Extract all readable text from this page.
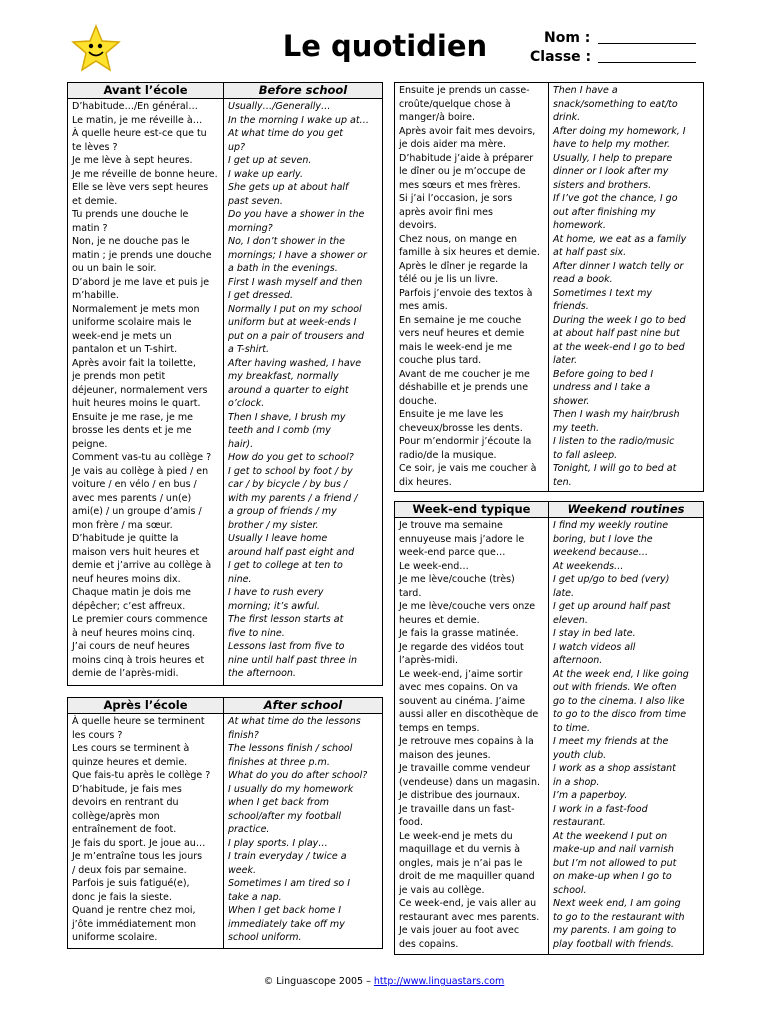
Le quotidien	Nom :
Classe :
Avant l’école
D’habitude…/En général…
Le matin, je me réveille à…
À quelle heure est-ce que tu
te lèves ?
Je me lève à sept heures.
Je me réveille de bonne heure.
Elle se lève vers sept heures
et demie.
Tu prends une douche le
matin ?
Non, je ne douche pas le
matin ; je prends une douche
ou un bain le soir.
D’abord je me lave et puis je
m’habille.
Normalement je mets mon
uniforme scolaire mais le
week-end je mets un
pantalon et un T-shirt.
Après avoir fait la toilette,
je prends mon petit
déjeuner, normalement vers
huit heures moins le quart.
Ensuite je me rase, je me
brosse les dents et je me
peigne.
Comment vas-tu au collège ?
Je vais au collège à pied / en
voiture / en vélo / en bus /
avec mes parents / un(e)
ami(e) / un groupe d’amis /
mon frère / ma sœur.
D’habitude je quitte la
maison vers huit heures et
demie et j’arrive au collège à
neuf heures moins dix.
Chaque matin je dois me
dépêcher; c’est affreux.
Le premier cours commence
à neuf heures moins cinq.
J’ai cours de neuf heures
moins cinq à trois heures et
demie de l’après-midi.
Before school
Usually…/Generally…
In the morning I wake up at…
At what time do you get
up?
I get up at seven.
I wake up early.
She gets up at about half
past seven.
Do you have a shower in the
morning?
No, I don’t shower in the
mornings; I have a shower or
a bath in the evenings.
First I wash myself and then
I get dressed.
Normally I put on my school
uniform but at week-ends I
put on a pair of trousers and
a T-shirt.
After having washed, I have
my breakfast, normally
around a quarter to eight
o’clock.
Then I shave, I brush my
teeth and I comb (my
hair).
How do you get to school?
I get to school by foot / by
car / by bicycle / by bus /
with my parents / a friend /
a group of friends / my
brother / my sister.
Usually I leave home
around half past eight and
I get to college at ten to
nine.
I have to rush every
morning; it’s awful.
The first lesson starts at
five to nine.
Lessons last from five to
nine until half past three in
the afternoon.
Après l’école
À quelle heure se terminent
les cours ?
Les cours se terminent à
quinze heures et demie.
Que fais-tu après le collège ?
D’habitude, je fais mes
devoirs en rentrant du
collège/après mon
entraînement de foot.
Je fais du sport. Je joue au…
Je m’entraîne tous les jours
/ deux fois par semaine.
Parfois je suis fatigué(e),
donc je fais la sieste.
Quand je rentre chez moi,
j’ôte immédiatement mon
uniforme scolaire.
After school
At what time do the lessons
finish?
The lessons finish / school
finishes at three p.m.
What do you do after school?
I usually do my homework
when I get back from
school/after my football
practice.
I play sports. I play…
I train everyday / twice a
week.
Sometimes I am tired so I
take a nap.
When I get back home I
immediately take off my
school uniform.
Ensuite je prends un casse-
croûte/quelque chose à
manger/à boire.
Après avoir fait mes devoirs,
je dois aider ma mère.
D’habitude j’aide à préparer
le dîner ou je m’occupe de
mes sœurs et mes frères.
Si j’ai l’occasion, je sors
après avoir fini mes
devoirs.
Chez nous, on mange en
famille à six heures et demie.
Après le dîner je regarde la
télé ou je lis un livre.
Parfois j’envoie des textos à
mes amis.
En semaine je me couche
vers neuf heures et demie
mais le week-end je me
couche plus tard.
Avant de me coucher je me
déshabille et je prends une
douche.
Ensuite je me lave les
cheveux/brosse les dents.
Pour m’endormir j’écoute la
radio/de la musique.
Ce soir, je vais me coucher à
dix heures.
Then I have a
snack/something to eat/to
drink.
After doing my homework, I
have to help my mother.
Usually, I help to prepare
dinner or I look after my
sisters and brothers.
If I’ve got the chance, I go
out after finishing my
homework.
At home, we eat as a family
at half past six.
After dinner I watch telly or
read a book.
Sometimes I text my
friends.
During the week I go to bed
at about half past nine but
at the week-end I go to bed
later.
Before going to bed I
undress and I take a
shower.
Then I wash my hair/brush
my teeth.
I listen to the radio/music
to fall asleep.
Tonight, I will go to bed at
ten.
Week-end typique
Je trouve ma semaine
ennuyeuse mais j’adore le
week-end parce que…
Le week-end…
Je me lève/couche (très)
tard.
Je me lève/couche vers onze
heures et demie.
Je fais la grasse matinée.
Je regarde des vidéos tout
l’après-midi.
Le week-end, j’aime sortir
avec mes copains. On va
souvent au cinéma. J’aime
aussi aller en discothèque de
temps en temps.
Je retrouve mes copains à la
maison des jeunes.
Je travaille comme vendeur
(vendeuse) dans un magasin.
Je distribue des journaux.
Je travaille dans un fast-
food.
Le week-end je mets du
maquillage et du vernis à
ongles, mais je n’ai pas le
droit de me maquiller quand
je vais au collège.
Ce week-end, je vais aller au
restaurant avec mes parents.
Je vais jouer au foot avec
des copains.
Weekend routines
I find my weekly routine
boring, but I love the
weekend because…
At weekends…
I get up/go to bed (very)
late.
I get up around half past
eleven.
I stay in bed late.
I watch videos all
afternoon.
At the week end, I like going
out with friends. We often
go to the cinema. I also like
to go to the disco from time
to time.
I meet my friends at the
youth club.
I work as a shop assistant
in a shop.
I’m a paperboy.
I work in a fast-food
restaurant.
At the weekend I put on
make-up and nail varnish
but I’m not allowed to put
on make-up when I go to
school.
Next week end, I am going
to go to the restaurant with
my parents. I am going to
play football with friends.
© Linguascope 2005 – http://www.linguastars.com
